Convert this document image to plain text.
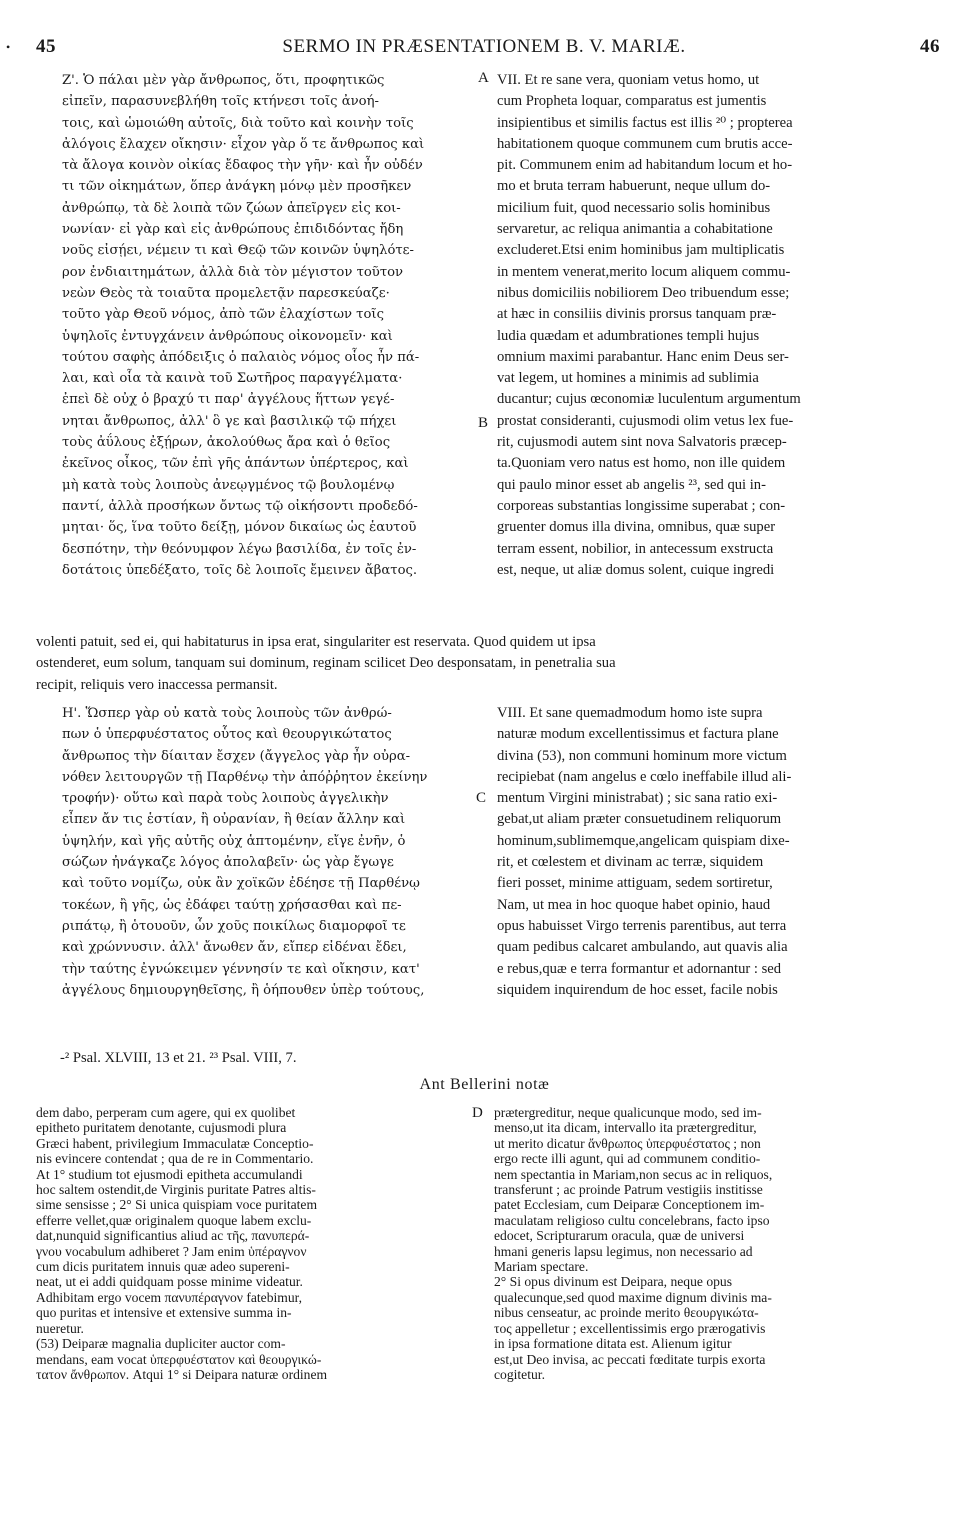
• 45	SERMO IN PRÆSENTATIONEM B. V. MARIÆ.	46
Ζ'. Ὁ πάλαι μὲν γὰρ ἄνθρωπος, ὅτι, προφητικῶς
εἰπεῖν, παρασυνεβλήθη τοῖς κτήνεσι τοῖς ἀνοή-
τοις, καὶ ὡμοιώθη αὐτοῖς, διὰ τοῦτο καὶ κοινὴν τοῖς
ἀλόγοις ἔλαχεν οἴκησιν· εἶχον γὰρ ὅ τε ἄνθρωπος καὶ
τὰ ἄλογα κοινὸν οἰκίας ἔδαφος τὴν γῆν· καὶ ἦν οὐδέν
τι τῶν οἰκημάτων, ὅπερ ἀνάγκη μόνῳ μὲν προσῆκεν
ἀνθρώπῳ, τὰ δὲ λοιπὰ τῶν ζώων ἀπεῖργεν εἰς κοι-
νωνίαν· εἰ γὰρ καὶ εἰς ἀνθρώπους ἐπιδιδόντας ἤδη
νοῦς εἰσῄει, νέμειν τι καὶ Θεῷ τῶν κοινῶν ὑψηλότε-
ρον ἐνδιαιτημάτων, ἀλλὰ διὰ τὸν μέγιστον τοῦτον
νεὼν Θεὸς τὰ τοιαῦτα προμελετᾷν παρεσκεύαζε·
τοῦτο γὰρ Θεοῦ νόμος, ἀπὸ τῶν ἐλαχίστων τοῖς
ὑψηλοῖς ἐντυγχάνειν ἀνθρώπους οἰκονομεῖν· καὶ
τούτου σαφὴς ἀπόδειξις ὁ παλαιὸς νόμος οἷος ἦν πά-
λαι, καὶ οἷα τὰ καινὰ τοῦ Σωτῆρος παραγγέλματα·
ἐπεὶ δὲ οὐχ ὁ βραχύ τι παρ' ἀγγέλους ἥττων γεγέ-
νηται ἄνθρωπος, ἀλλ' ὃ γε καὶ βασιλικῷ τῷ πήχει
τοὺς ἀΰλους ἐξῄρων, ἀκολούθως ἄρα καὶ ὁ θεῖος
ἐκεῖνος οἶκος, τῶν ἐπὶ γῆς ἁπάντων ὑπέρτερος, καὶ
μὴ κατὰ τοὺς λοιποὺς ἀνεῳγμένος τῷ βουλομένῳ
παντί, ἀλλὰ προσήκων ὄντως τῷ οἰκήσοντι προδεδό-
μηται· ὅς, ἵνα τοῦτο δείξῃ, μόνον δικαίως ὡς ἑαυτοῦ
δεσπότην, τὴν θεόνυμφον λέγω βασιλίδα, ἐν τοῖς ἐν-
δοτάτοις ὑπεδέξατο, τοῖς δὲ λοιποῖς ἔμεινεν ἄβατος.
VII. Et re sane vera, quoniam vetus homo, ut
cum Propheta loquar, comparatus est jumentis
insipientibus et similis factus est illis ²⁰ ; propterea
habitationem quoque communem cum brutis acce-
pit. Communem enim ad habitandum locum et ho-
mo et bruta terram habuerunt, neque ullum do-
micilium fuit, quod necessario solis hominibus
servaretur, ac reliqua animantia a cohabitatione
excluderet.Etsi enim hominibus jam multiplicatis
in mentem venerat,merito locum aliquem commu-
nibus domiciliis nobiliorem Deo tribuendum esse;
at hæc in consiliis divinis prorsus tanquam præ-
ludia quædam et adumbrationes templi hujus
omnium maximi parabantur. Hanc enim Deus ser-
vat legem, ut homines a minimis ad sublimia
ducantur; cujus œconomiæ luculentum argumentum
prostat consideranti, cujusmodi olim vetus lex fue-
rit, cujusmodi autem sint nova Salvatoris præcep-
ta.Quoniam vero natus est homo, non ille quidem
qui paulo minor esset ab angelis ²³, sed qui in-
corporeas substantias longissime superabat ; con-
gruenter domus illa divina, omnibus, quæ super
terram essent, nobilior, in antecessum exstructa
est, neque, ut aliæ domus solent, cuique ingredi
A
B
volenti patuit, sed ei, qui habitaturus in ipsa erat, singulariter est reservata. Quod quidem ut ipsa
ostenderet, eum solum, tanquam sui dominum, reginam scilicet Deo desponsatam, in penetralia sua
recipit, reliquis vero inaccessa permansit.
Η'. Ὥσπερ γὰρ οὐ κατὰ τοὺς λοιποὺς τῶν ἀνθρώ-
πων ὁ ὑπερφυέστατος οὗτος καὶ θεουργικώτατος
ἄνθρωπος τὴν δίαιταν ἔσχεν (ἄγγελος γὰρ ἦν οὐρα-
νόθεν λειτουργῶν τῇ Παρθένῳ τὴν ἀπόῤῥητον ἐκείνην
τροφήν)· οὕτω καὶ παρὰ τοὺς λοιποὺς ἀγγελικὴν
εἶπεν ἄν τις ἑστίαν, ἢ οὐρανίαν, ἢ θείαν ἄλλην καὶ
ὑψηλήν, καὶ γῆς αὐτῆς οὐχ ἁπτομένην, εἴγε ἐνῆν, ὁ
σώζων ἠνάγκαζε λόγος ἀπολαβεῖν· ὡς γὰρ ἔγωγε
καὶ τοῦτο νομίζω, οὐκ ἂν χοϊκῶν ἐδέησε τῇ Παρθένῳ
τοκέων, ἢ γῆς, ὡς ἐδάφει ταύτῃ χρήσασθαι καὶ πε-
ριπάτῳ, ἢ ὁτουοῦν, ὧν χοῦς ποικίλως διαμορφοῖ τε
καὶ χρώννυσιν. ἀλλ' ἄνωθεν ἄν, εἴπερ εἰδέναι ἔδει,
τὴν ταύτης ἐγνώκειμεν γέννησίν τε καὶ οἴκησιν, κατ'
ἀγγέλους δημιουργηθεῖσης, ἢ ὁήπουθεν ὑπὲρ τούτους,
VIII. Et sane quemadmodum homo iste supra
naturæ modum excellentissimus et factura plane
divina (53), non communi hominum more victum
recipiebat (nam angelus e cœlo ineffabile illud ali-
mentum Virgini ministrabat) ; sic sana ratio exi-
gebat,ut aliam præter consuetudinem reliquorum
hominum,sublimemque,angelicam quispiam dixe-
rit, et cœlestem et divinam ac terræ, siquidem
fieri posset, minime attiguam, sedem sortiretur,
Nam, ut mea in hoc quoque habet opinio, haud
opus habuisset Virgo terrenis parentibus, aut terra
quam pedibus calcaret ambulando, aut quavis alia
e rebus,quæ e terra formantur et adornantur : sed
siquidem inquirendum de hoc esset, facile nobis
C
-² Psal. XLVIII, 13 et 21. ²³ Psal. VIII, 7.
Ant Bellerini notæ
dem dabo, perperam cum agere, qui ex quolibet
epitheto puritatem denotante, cujusmodi plura
Græci habent, privilegium Immaculatæ Conceptio-
nis evincere contendat ; qua de re in Commentario.
At 1° studium tot ejusmodi epitheta accumulandi
hoc saltem ostendit,de Virginis puritate Patres altis-
sime sensisse ; 2° Si unica quispiam voce puritatem
efferre vellet,quæ originalem quoque labem exclu-
dat,nunquid significantius aliud ac τῆς, πανυπερά-
γνου vocabulum adhiberet ? Jam enim ὑπέραγνον
cum dicis puritatem innuis quæ adeo supereni-
neat, ut ei addi quidquam posse minime videatur.
Adhibitam ergo vocem πανυπέραγνον fatebimur,
quo puritas et intensive et extensive summa in-
nueretur.
(53) Deiparæ magnalia dupliciter auctor com-
mendans, eam vocat ὑπερφυέστατον καὶ θεουργικώ-
τατον ἄνθρωπον. Atqui 1° si Deipara naturæ ordinem
prætergreditur, neque qualicunque modo, sed im-
menso,ut ita dicam, intervallo ita prætergreditur,
ut merito dicatur ἄνθρωπος ὑπερφυέστατος ; non
ergo recte illi agunt, qui ad communem conditio-
nem spectantia in Mariam,non secus ac in reliquos,
transferunt ; ac proinde Patrum vestigiis institisse
patet Ecclesiam, cum Deiparæ Conceptionem im-
maculatam religioso cultu concelebrans, facto ipso
edocet, Scripturarum oracula, quæ de universi
hmani generis lapsu legimus, non necessario ad
Mariam spectare.
2° Si opus divinum est Deipara, neque opus
qualecunque,sed quod maxime dignum divinis ma-
nibus censeatur, ac proinde merito θεουργικώτα-
τος appelletur ; excellentissimis ergo prærogativis
in ipsa formatione ditata est. Alienum igitur
est,ut Deo invisa, ac peccati fœditate turpis exorta
cogitetur.
D
